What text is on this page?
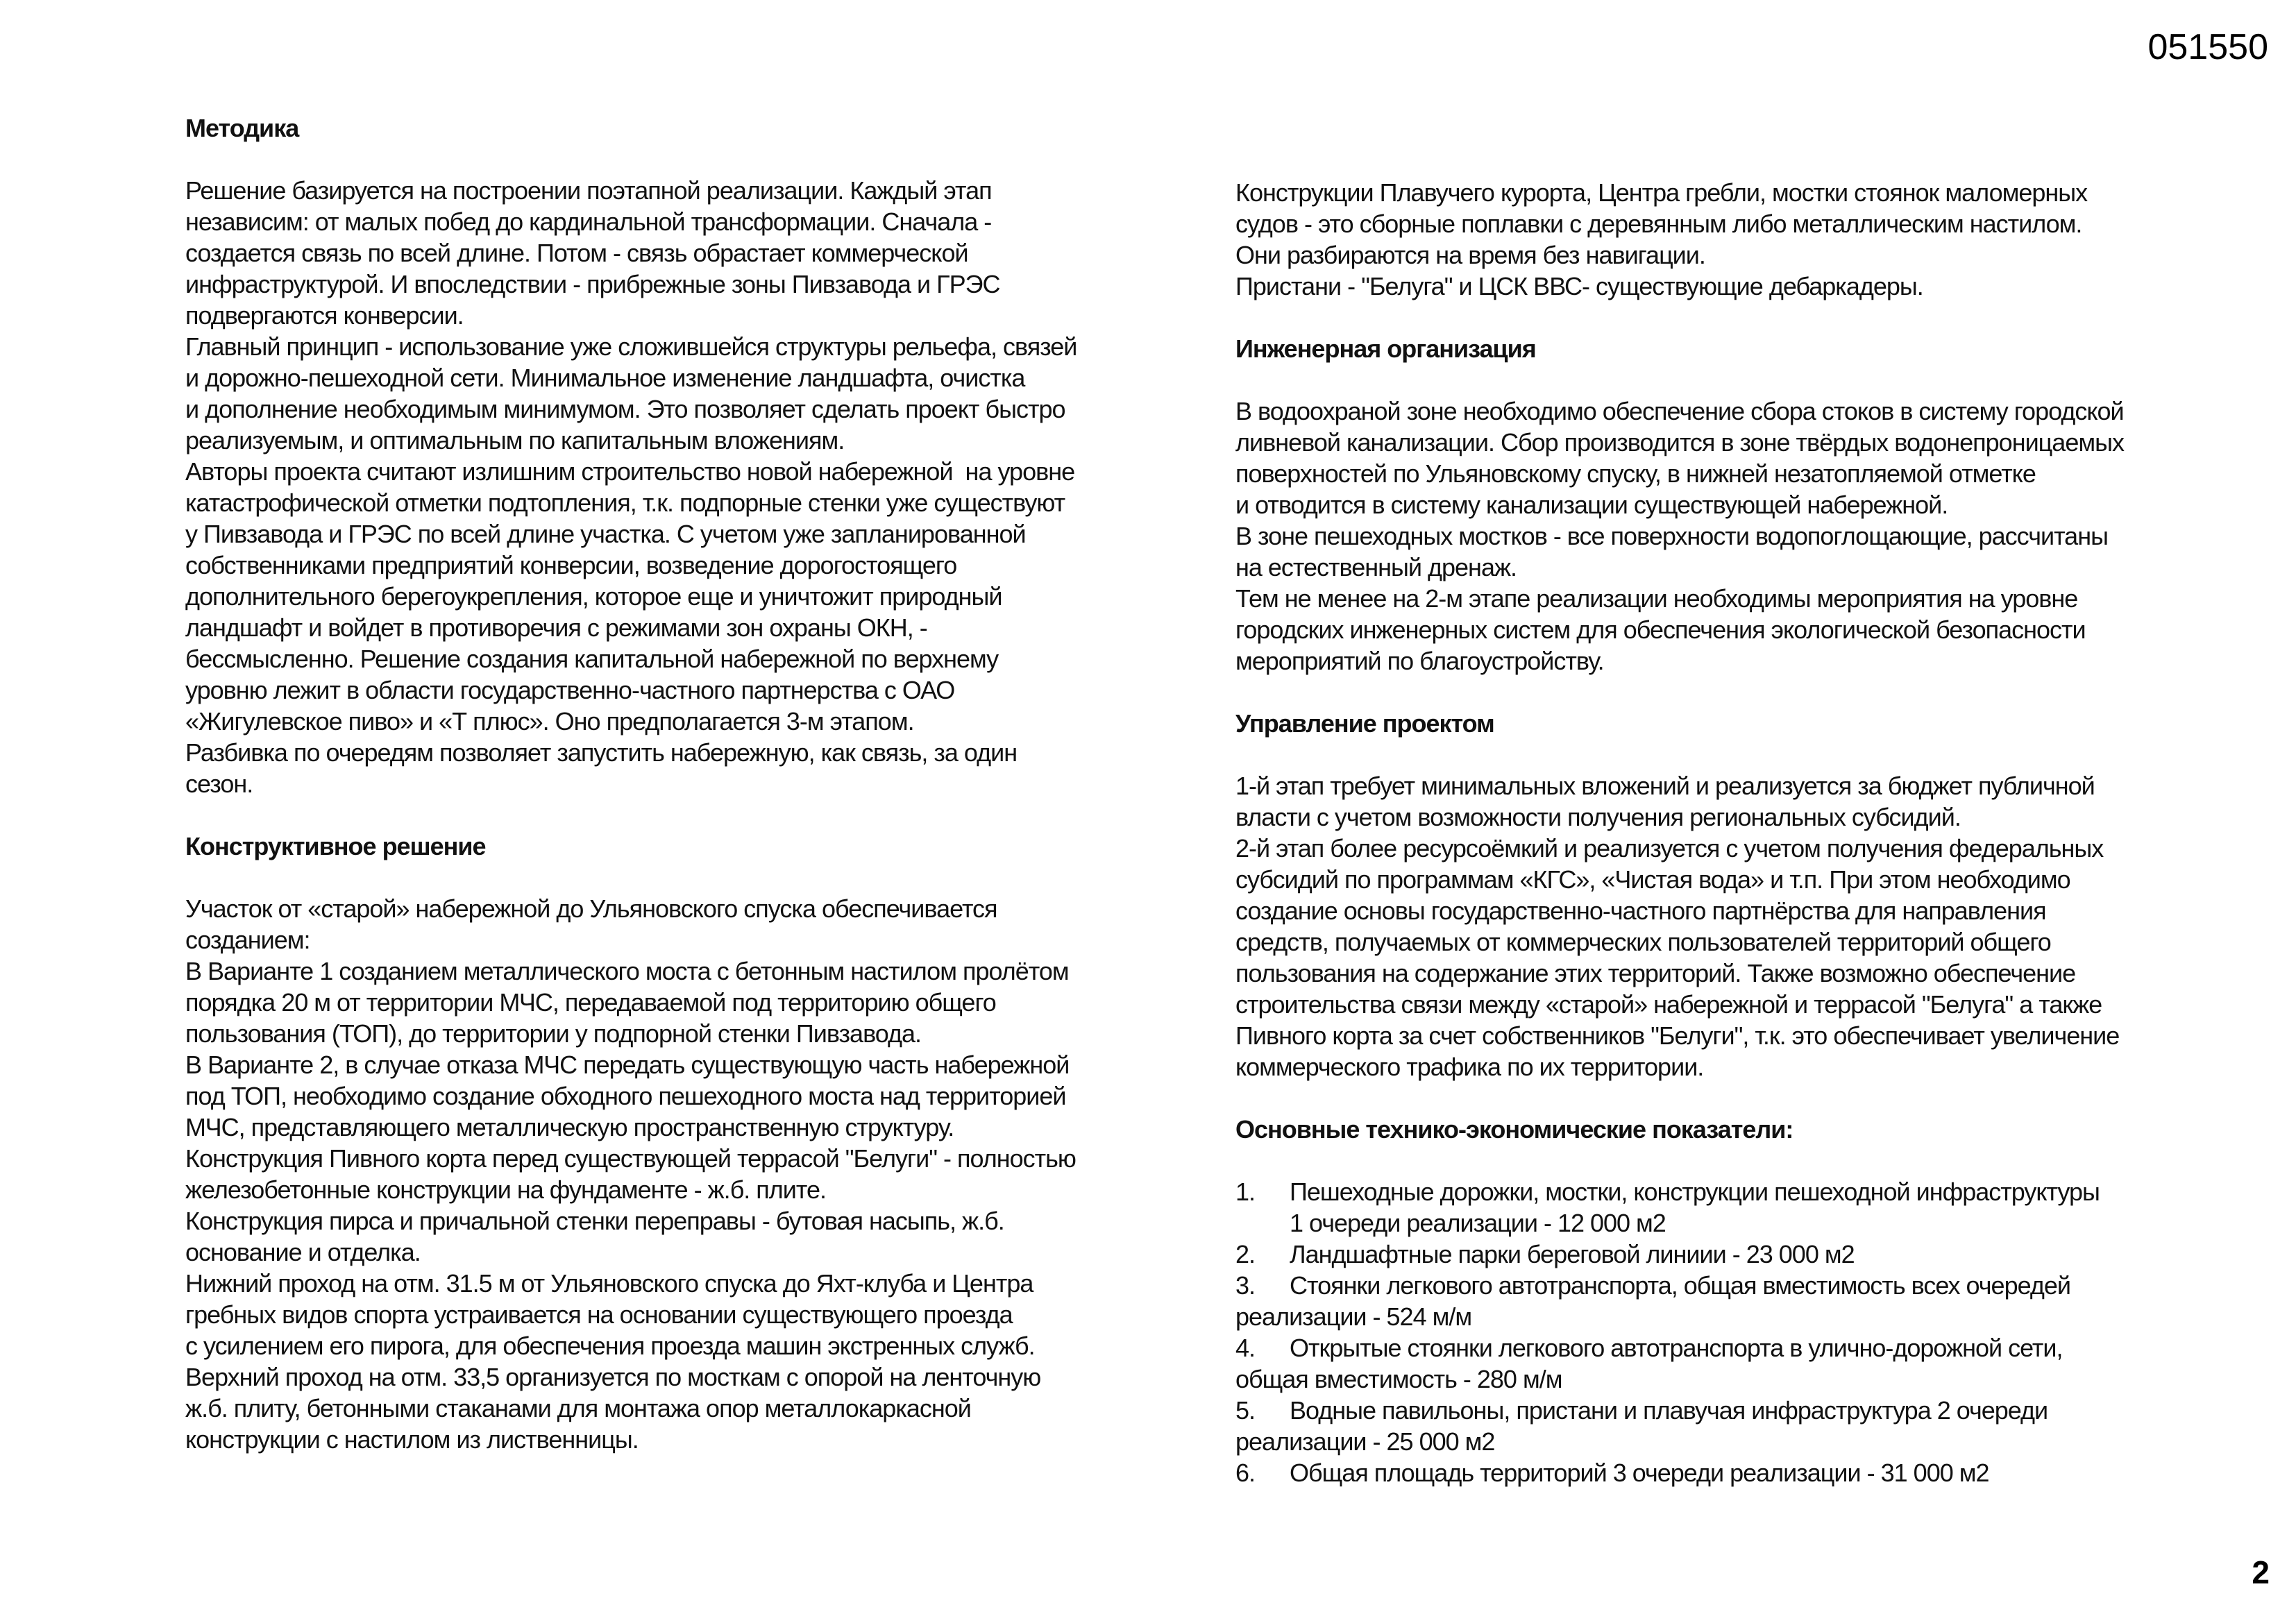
051550
Методика
Решение базируется на построении поэтапной реализации. Каждый этап
независим: от малых побед до кардинальной трансформации. Сначала -
создается связь по всей длине. Потом - связь обрастает коммерческой
инфраструктурой. И впоследствии - прибрежные зоны Пивзавода и ГРЭС
подвергаются конверсии.
Главный принцип - использование уже сложившейся структуры рельефа, связей
и дорожно-пешеходной сети. Минимальное изменение ландшафта, очистка
и дополнение необходимым минимумом. Это позволяет сделать проект быстро
реализуемым, и оптимальным по капитальным вложениям.
Авторы проекта считают излишним строительство новой набережной  на уровне
катастрофической отметки подтопления, т.к. подпорные стенки уже существуют
у Пивзавода и ГРЭС по всей длине участка. С учетом уже запланированной
собственниками предприятий конверсии, возведение дорогостоящего
дополнительного берегоукрепления, которое еще и уничтожит природный
ландшафт и войдет в противоречия с режимами зон охраны ОКН, -
бессмысленно. Решение создания капитальной набережной по верхнему
уровню лежит в области государственно-частного партнерства с ОАО
«Жигулевское пиво» и «Т плюс». Оно предполагается 3-м этапом.
Разбивка по очередям позволяет запустить набережную, как связь, за один
сезон.
Конструктивное решение
Участок от «старой» набережной до Ульяновского спуска обеспечивается
созданием:
В Варианте 1 созданием металлического моста с бетонным настилом пролётом
порядка 20 м от территории МЧС, передаваемой под территорию общего
пользования (ТОП), до территории у подпорной стенки Пивзавода.
В Варианте 2, в случае отказа МЧС передать существующую часть набережной
под ТОП, необходимо создание обходного пешеходного моста над территорией
МЧС, представляющего металлическую пространственную структуру.
Конструкция Пивного корта перед существующей террасой "Белуги" - полностью
железобетонные конструкции на фундаменте - ж.б. плите.
Конструкция пирса и причальной стенки переправы - бутовая насыпь, ж.б.
основание и отделка.
Нижний проход на отм. 31.5 м от Ульяновского спуска до Яхт-клуба и Центра
гребных видов спорта устраивается на основании существующего проезда
с усилением его пирога, для обеспечения проезда машин экстренных служб.
Верхний проход на отм. 33,5 организуется по мосткам с опорой на ленточную
ж.б. плиту, бетонными стаканами для монтажа опор металлокаркасной
конструкции с настилом из лиственницы.
Конструкции Плавучего курорта, Центра гребли, мостки стоянок маломерных
судов - это сборные поплавки с деревянным либо металлическим настилом.
Они разбираются на время без навигации.
Пристани - "Белуга" и ЦСК ВВС- существующие дебаркадеры.
Инженерная организация
В водоохраной зоне необходимо обеспечение сбора стоков в систему городской
ливневой канализации. Сбор производится в зоне твёрдых водонепроницаемых
поверхностей по Ульяновскому спуску, в нижней незатопляемой отметке
и отводится в систему канализации существующей набережной.
В зоне пешеходных мостков - все поверхности водопоглощающие, рассчитаны
на естественный дренаж.
Тем не менее на 2-м этапе реализации необходимы мероприятия на уровне
городских инженерных систем для обеспечения экологической безопасности
мероприятий по благоустройству.
Управление проектом
1-й этап требует минимальных вложений и реализуется за бюджет публичной
власти с учетом возможности получения региональных субсидий.
2-й этап более ресурсоёмкий и реализуется с учетом получения федеральных
субсидий по программам «КГС», «Чистая вода» и т.п. При этом необходимо
создание основы государственно-частного партнёрства для направления
средств, получаемых от коммерческих пользователей территорий общего
пользования на содержание этих территорий. Также возможно обеспечение
строительства связи между «старой» набережной и террасой "Белуга" а также
Пивного корта за счет собственников "Белуги", т.к. это обеспечивает увеличение
коммерческого трафика по их территории.
Основные технико-экономические показатели:
1. Пешеходные дорожки, мостки, конструкции пешеходной инфраструктуры
1 очереди реализации - 12 000 м2
2. Ландшафтные парки береговой линиии - 23 000 м2
3. Стоянки легкового автотранспорта, общая вместимость всех очередей
реализации - 524 м/м
4. Открытые стоянки легкового автотранспорта в улично-дорожной сети,
общая вместимость - 280 м/м
5. Водные павильоны, пристани и плавучая инфраструктура 2 очереди
реализации - 25 000 м2
6. Общая площадь территорий 3 очереди реализации - 31 000 м2
2
